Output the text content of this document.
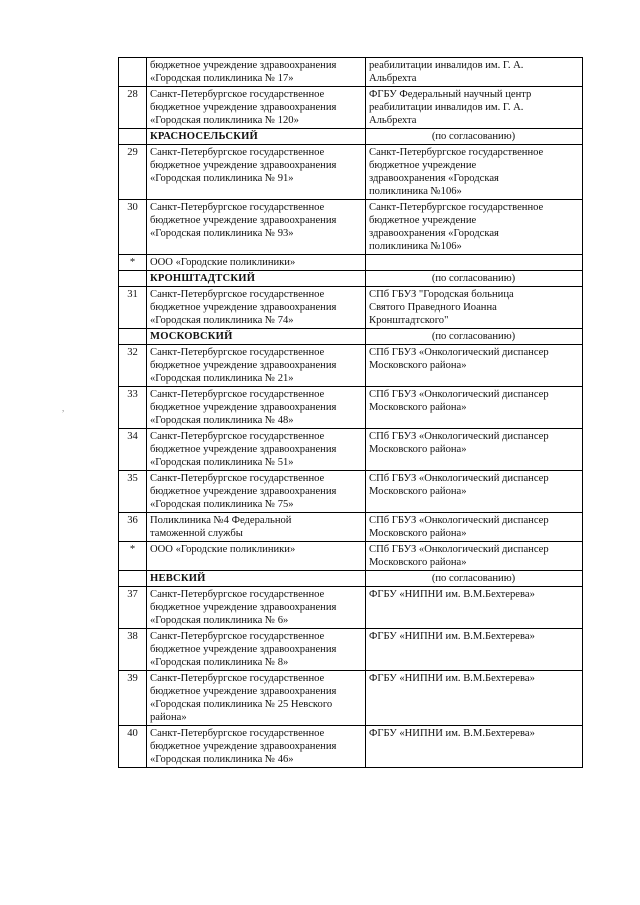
	бюджетное учреждение здравоохранения
«Городская поликлиника № 17»	реабилитации инвалидов им. Г. А.
Альбрехта

28	Санкт-Петербургское государственное
бюджетное учреждение здравоохранения
«Городская поликлиника № 120»	ФГБУ Федеральный научный центр
реабилитации инвалидов им. Г. А.
Альбрехта

	КРАСНОСЕЛЬСКИЙ	(по согласованию)

29	Санкт-Петербургское государственное
бюджетное учреждение здравоохранения
«Городская поликлиника № 91»	Санкт-Петербургское государственное
бюджетное учреждение
здравоохранения «Городская
поликлиника №106»

30	Санкт-Петербургское государственное
бюджетное учреждение здравоохранения
«Городская поликлиника № 93»	Санкт-Петербургское государственное
бюджетное учреждение
здравоохранения «Городская
поликлиника №106»

*	ООО «Городские поликлиники»	

	КРОНШТАДТСКИЙ	(по согласованию)

31	Санкт-Петербургское государственное
бюджетное учреждение здравоохранения
«Городская поликлиника № 74»	СПб ГБУЗ "Городская больница
Святого Праведного Иоанна
Кронштадтского"

	МОСКОВСКИЙ	(по согласованию)

32	Санкт-Петербургское государственное
бюджетное учреждение здравоохранения
«Городская поликлиника № 21»	СПб ГБУЗ «Онкологический диспансер
Московского района»

33	Санкт-Петербургское государственное
бюджетное учреждение здравоохранения
«Городская поликлиника № 48»	СПб ГБУЗ «Онкологический диспансер
Московского района»

34	Санкт-Петербургское государственное
бюджетное учреждение здравоохранения
«Городская поликлиника № 51»	СПб ГБУЗ «Онкологический диспансер
Московского района»

35	Санкт-Петербургское государственное
бюджетное учреждение здравоохранения
«Городская поликлиника № 75»	СПб ГБУЗ «Онкологический диспансер
Московского района»

36	Поликлиника №4 Федеральной
таможенной службы	СПб ГБУЗ «Онкологический диспансер
Московского района»

*	ООО «Городские поликлиники»	СПб ГБУЗ «Онкологический диспансер
Московского района»

	НЕВСКИЙ	(по согласованию)

37	Санкт-Петербургское государственное
бюджетное учреждение здравоохранения
«Городская поликлиника № 6»	ФГБУ «НИПНИ им. В.М.Бехтерева»

38	Санкт-Петербургское государственное
бюджетное учреждение здравоохранения
«Городская поликлиника № 8»	ФГБУ «НИПНИ им. В.М.Бехтерева»

39	Санкт-Петербургское государственное
бюджетное учреждение здравоохранения
«Городская поликлиника № 25 Невского
района»	ФГБУ «НИПНИ им. В.М.Бехтерева»

40	Санкт-Петербургское государственное
бюджетное учреждение здравоохранения
«Городская поликлиника № 46»	ФГБУ «НИПНИ им. В.М.Бехтерева»
,
